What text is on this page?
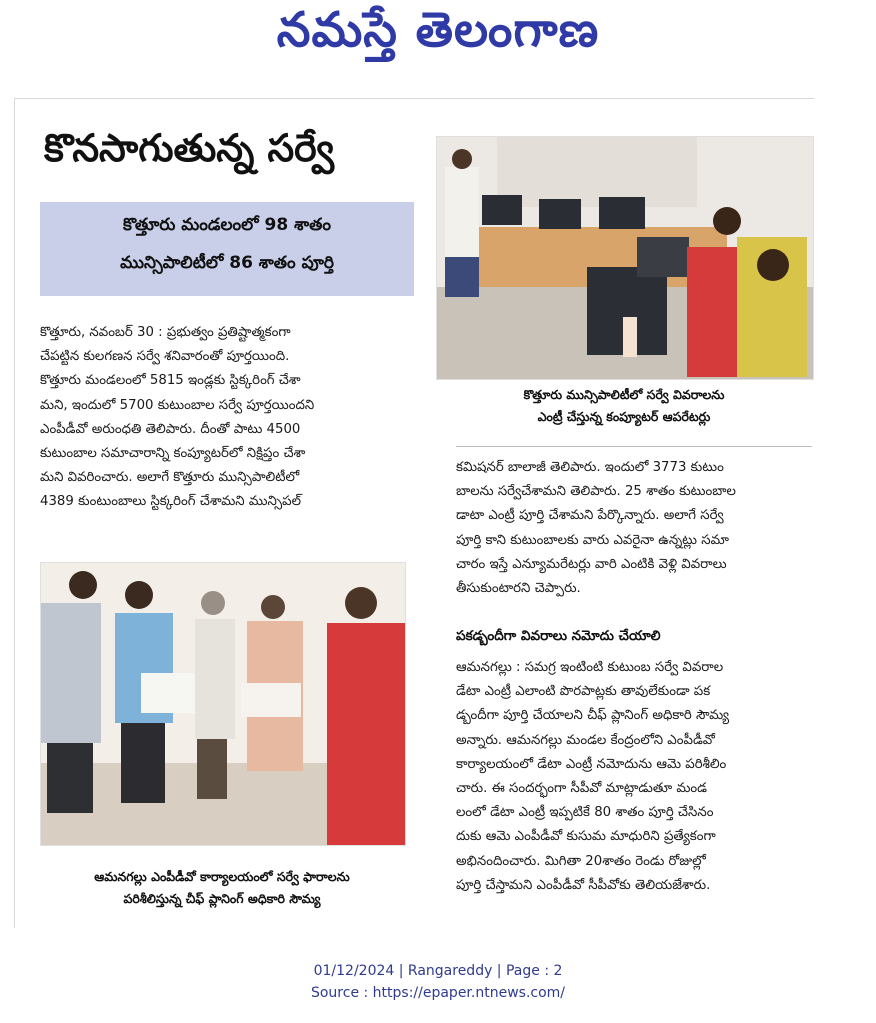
నమస్తే తెలంగాణ
కొనసాగుతున్న సర్వే
కొత్తూరు మండలంలో 98 శాతం
మున్సిపాలిటీలో 86 శాతం పూర్తి

కొత్తూరు, నవంబర్ 30 : ప్రభుత్వం ప్రతిష్టాత్మకంగా

చేపట్టిన కులగణన సర్వే శనివారంతో పూర్తయింది.

కొత్తూరు మండలంలో 5815 ఇండ్లకు స్టిక్కరింగ్ చేశా

మని, ఇందులో 5700 కుటుంబాల సర్వే పూర్తయిందని

ఎంపీడీవో అరుంధతి తెలిపారు. దీంతో పాటు 4500

కుటుంబాల సమాచారాన్ని కంప్యూటర్‌లో నిక్షిప్తం చేశా

మని వివరించారు. అలాగే కొత్తూరు మున్సిపాలిటీలో

4389 కుంటుంబాలు స్టిక్కరింగ్ చేశామని మున్సిపల్

కొత్తూరు మున్సిపాలిటీలో సర్వే వివరాలను
ఎంట్రీ చేస్తున్న కంప్యూటర్ ఆపరేటర్లు

కమిషనర్ బాలాజీ తెలిపారు. ఇందులో 3773 కుటుం

బాలను సర్వేచేశామని తెలిపారు. 25 శాతం కుటుంబాల

డాటా ఎంట్రీ పూర్తి చేశామని పేర్కొన్నారు. అలాగే సర్వే

పూర్తి కాని కుటుంబాలకు వారు ఎవరైనా ఉన్నట్లు సమా

చారం ఇస్తే ఎన్యూమరేటర్లు వారి ఎంటికి వెళ్లి వివరాలు

తీసుకుంటారని చెప్పారు.

పకడ్బందీగా వివరాలు నమోదు చేయాలి

ఆమనగల్లు : సమగ్ర ఇంటింటి కుటుంబ సర్వే వివరాల

డేటా ఎంట్రీ ఎలాంటి పొరపాట్లకు తావులేకుండా పక

డ్బందీగా పూర్తి చేయాలని చీఫ్ ప్లానింగ్ అధికారి సౌమ్య

అన్నారు. ఆమనగల్లు మండల కేంద్రంలోని ఎంపీడీవో

కార్యాలయంలో డేటా ఎంట్రీ నమోదును ఆమె పరిశీలిం

చారు. ఈ సందర్భంగా సీపీవో మాట్లాడుతూ మండ

లంలో డేటా ఎంట్రీ ఇప్పటికే 80 శాతం పూర్తి చేసినం

దుకు ఆమె ఎంపీడీవో కుసుమ మాధురిని ప్రత్యేకంగా

అభినందించారు. మిగితా 20శాతం రెండు రోజుల్లో

పూర్తి చేస్తామని ఎంపీడీవో సీపీవోకు తెలియజేశారు.

ఆమనగల్లు ఎంపీడీవో కార్యాలయంలో సర్వే ఫారాలను
పరిశీలిస్తున్న చీఫ్ ప్లానింగ్ అధికారి సౌమ్య
01/12/2024 | Rangareddy | Page : 2
Source : https://epaper.ntnews.com/
